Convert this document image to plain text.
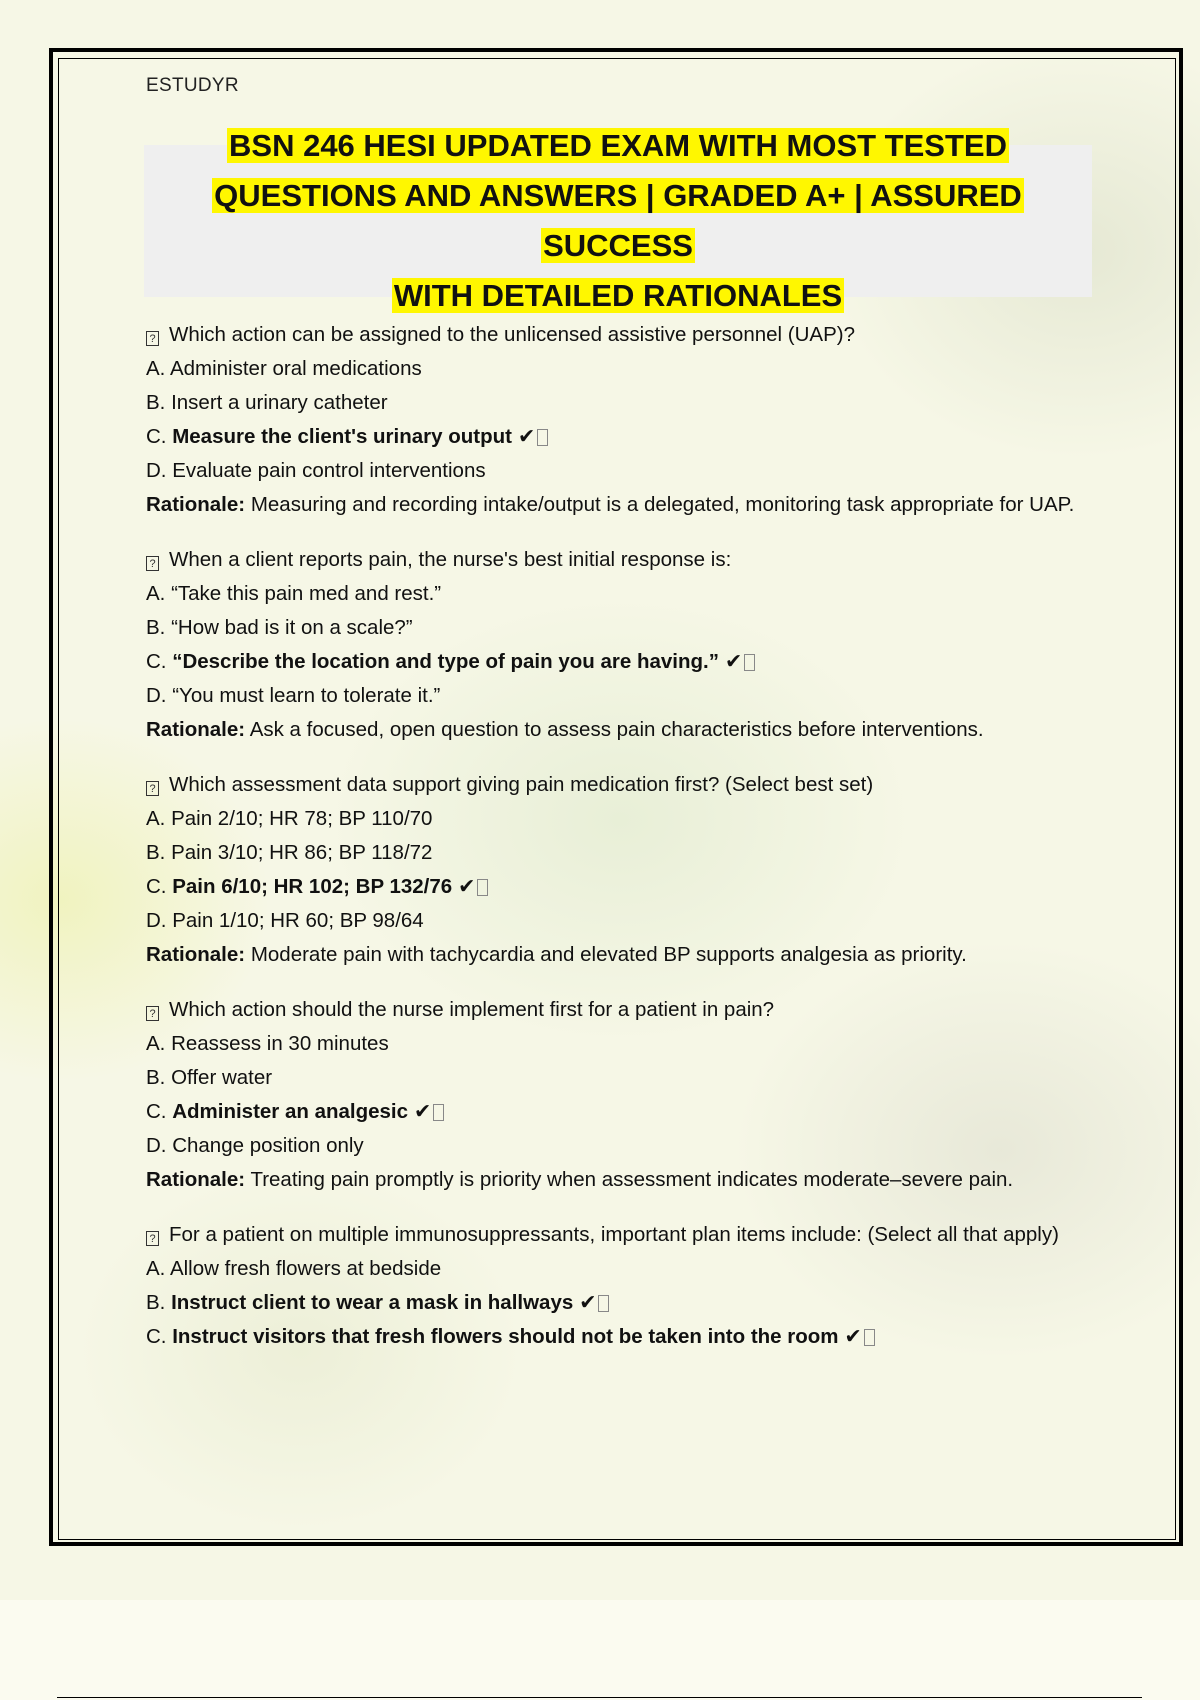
ESTUDYR
BSN 246 HESI UPDATED EXAM WITH MOST TESTED
QUESTIONS AND ANSWERS | GRADED A+ | ASSURED SUCCESS
WITH DETAILED RATIONALES
? Which action can be assigned to the unlicensed assistive personnel (UAP)?
A. Administer oral medications
B. Insert a urinary catheter
C. Measure the client's urinary output ✔
D. Evaluate pain control interventions
Rationale: Measuring and recording intake/output is a delegated, monitoring task appropriate for UAP.
? When a client reports pain, the nurse's best initial response is:
A. “Take this pain med and rest.”
B. “How bad is it on a scale?”
C. “Describe the location and type of pain you are having.” ✔
D. “You must learn to tolerate it.”
Rationale: Ask a focused, open question to assess pain characteristics before interventions.
? Which assessment data support giving pain medication first? (Select best set)
A. Pain 2/10; HR 78; BP 110/70
B. Pain 3/10; HR 86; BP 118/72
C. Pain 6/10; HR 102; BP 132/76 ✔
D. Pain 1/10; HR 60; BP 98/64
Rationale: Moderate pain with tachycardia and elevated BP supports analgesia as priority.
? Which action should the nurse implement first for a patient in pain?
A. Reassess in 30 minutes
B. Offer water
C. Administer an analgesic ✔
D. Change position only
Rationale: Treating pain promptly is priority when assessment indicates moderate–severe pain.
? For a patient on multiple immunosuppressants, important plan items include: (Select all that apply)
A. Allow fresh flowers at bedside
B. Instruct client to wear a mask in hallways ✔
C. Instruct visitors that fresh flowers should not be taken into the room ✔
